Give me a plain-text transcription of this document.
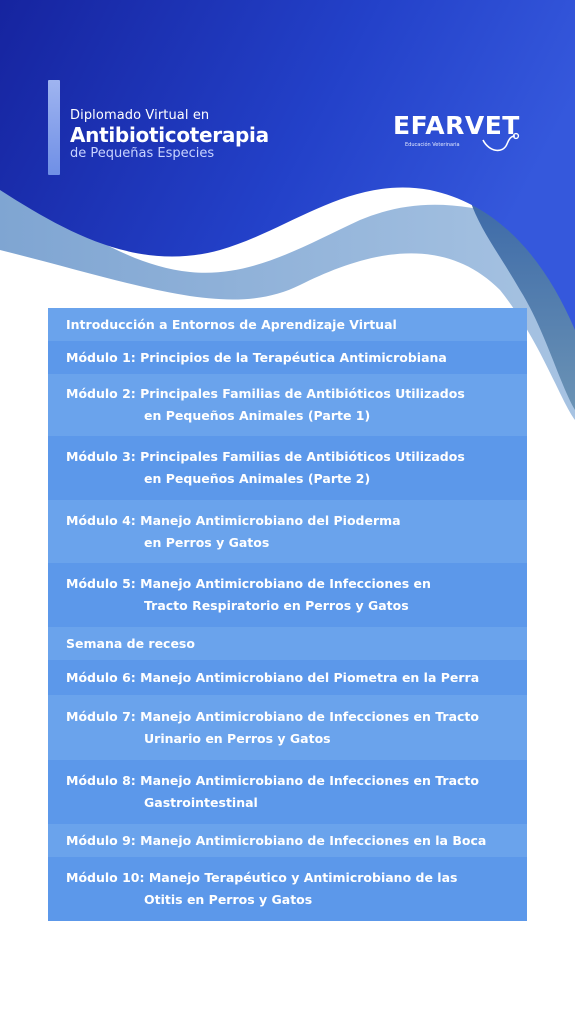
Diplomado Virtual en
Antibioticoterapia
de Pequeñas Especies
EFARVET
Educación Veterinaria
Introducción a Entornos de Aprendizaje Virtual
Módulo 1: Principios de la Terapéutica Antimicrobiana
Módulo 2: Principales Familias de Antibióticos Utilizados
en Pequeños Animales (Parte 1)
Módulo 3: Principales Familias de Antibióticos Utilizados
en Pequeños Animales (Parte 2)
Módulo 4: Manejo Antimicrobiano del Pioderma
en Perros y Gatos
Módulo 5: Manejo Antimicrobiano de Infecciones en
Tracto Respiratorio en Perros y Gatos
Semana de receso
Módulo 6: Manejo Antimicrobiano del Piometra en la Perra
Módulo 7: Manejo Antimicrobiano de Infecciones en Tracto
Urinario en Perros y Gatos
Módulo 8: Manejo Antimicrobiano de Infecciones en Tracto
Gastrointestinal
Módulo 9: Manejo Antimicrobiano de Infecciones en la Boca
Módulo 10: Manejo Terapéutico y Antimicrobiano de las
Otitis en Perros y Gatos
